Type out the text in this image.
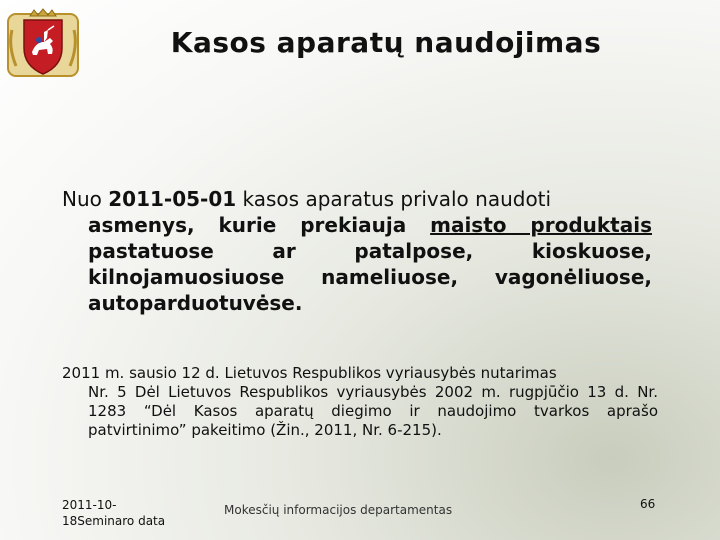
Kasos aparatų naudojimas
Nuo 2011-05-01 kasos aparatus privalo naudoti
asmenys, kurie prekiauja maisto produktais pastatuose ar patalpose, kioskuose, kilnojamuosiuose nameliuose, vagonėliuose, autoparduotuvėse.
2011 m. sausio 12 d. Lietuvos Respublikos vyriausybės nutarimas
Nr. 5 Dėl Lietuvos Respublikos vyriausybės 2002 m. rugpjūčio 13 d. Nr. 1283 “Dėl Kasos aparatų diegimo ir naudojimo tvarkos aprašo patvirtinimo” pakeitimo (Žin., 2011, Nr. 6-215).
2011-10-
18Seminaro data
Mokesčių informacijos departamentas	66
